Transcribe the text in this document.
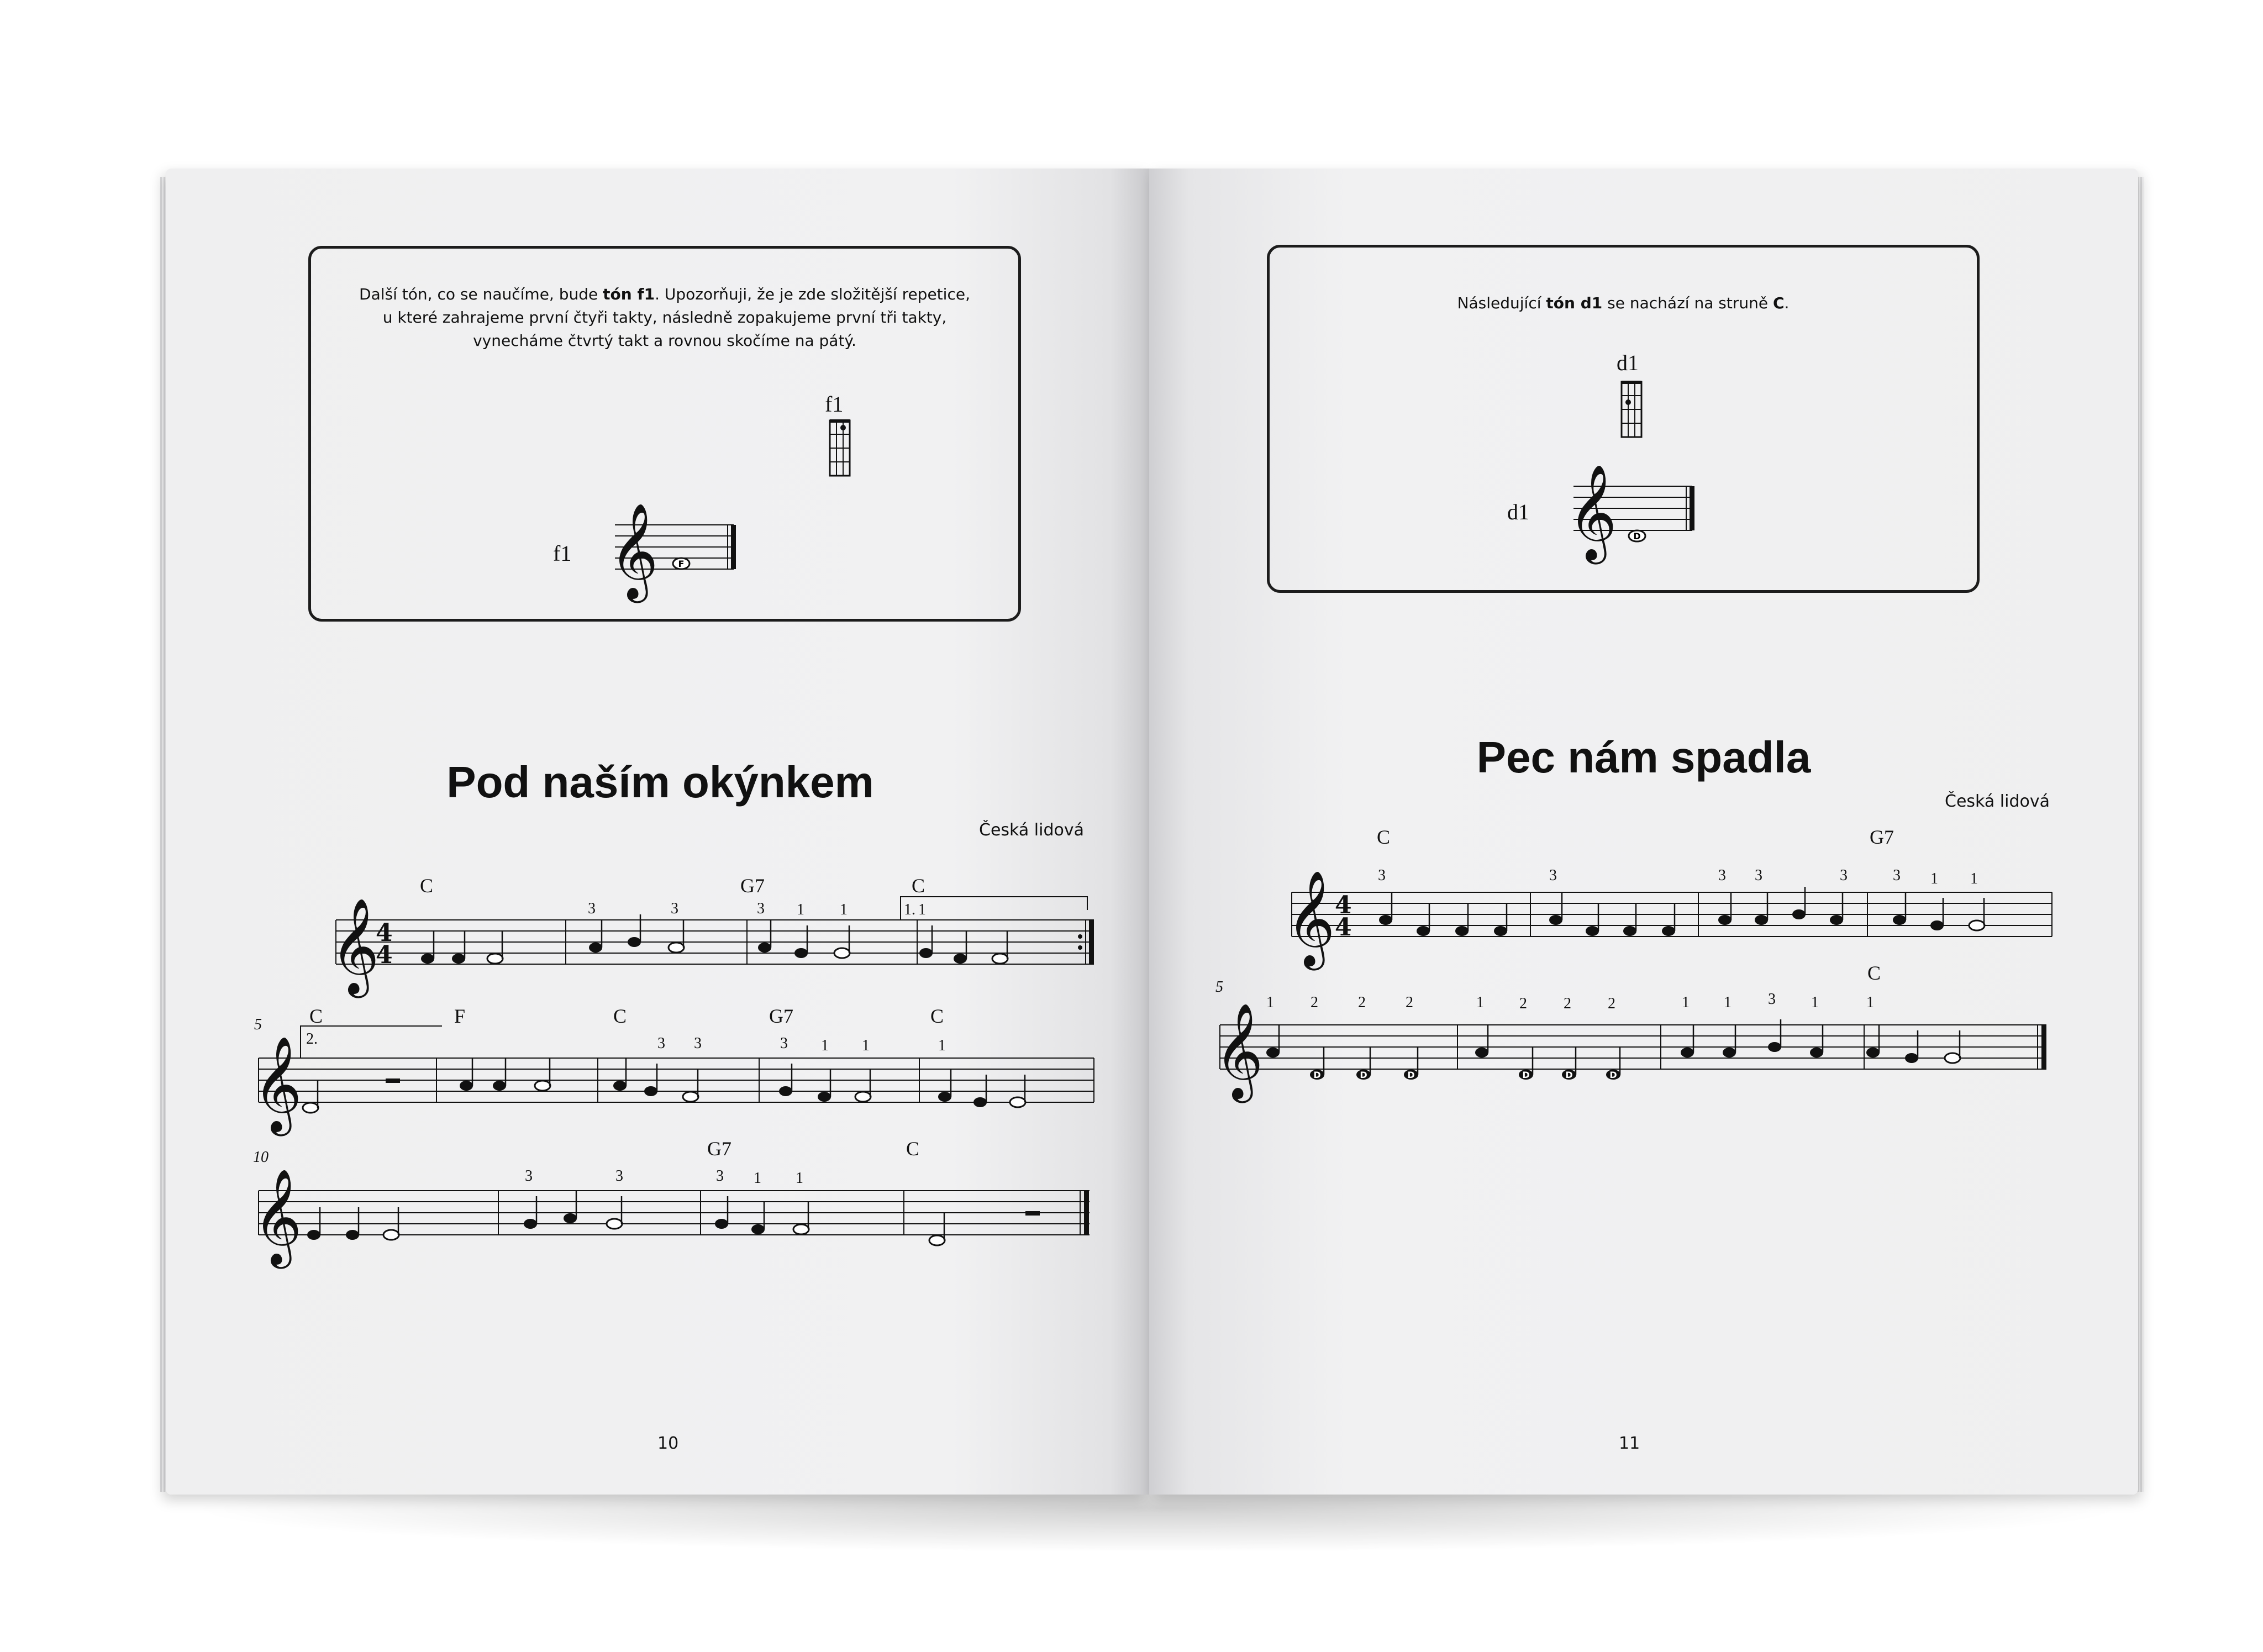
Další tón, co se naučíme, bude tón f1. Upozorňuji, že je zde složitější repetice,
u které zahrajeme první čtyři takty, následně zopakujeme první tři takty,
vynecháme čtvrtý takt a rovnou skočíme na pátý.
f1
f1 𝄞 F
Pod naším okýnkem
Česká lidová
𝄞
4
4
C	G7	C
1.
3	3	3 1 1	1
5
𝄞 2.
C	F	C	G7	C
3 3	3 1 1	1
10
𝄞
G7	C
3	3	3 1 1
10
Následující tón d1 se nachází na struně C.
d1
d1 𝄞 D
Pec nám spadla
Česká lidová
𝄞 4
4
C	G7
3	3	3 3	3	3 1 1
5
𝄞
C
1 2	2	2	1 2 2 2	1 1 3 1	1
D	D	D	D	D	D
11
